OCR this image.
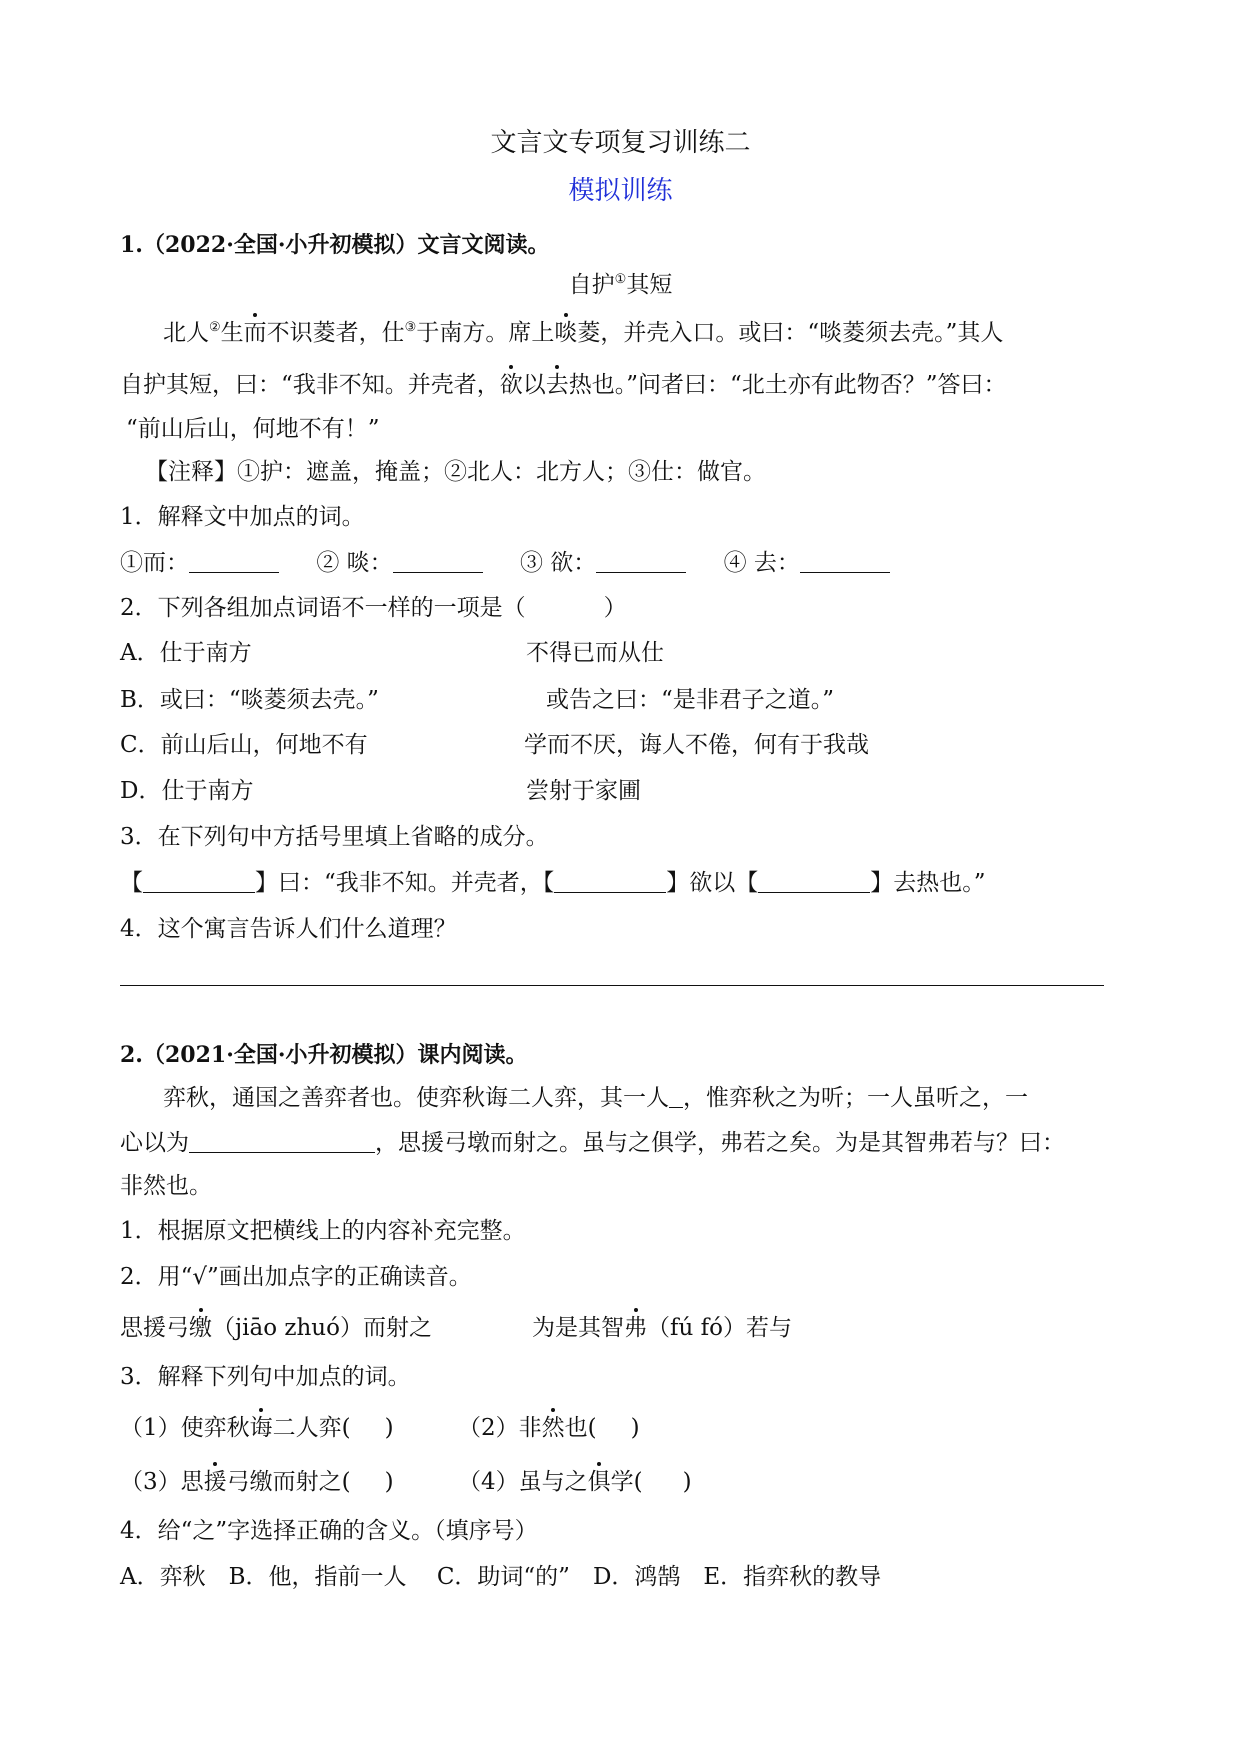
文言文专项复习训练二
模拟训练
1.（2022·全国·小升初模拟）文言文阅读。
自护①其短
北人②生而不识菱者，仕③于南方。席上啖菱，并壳入口。或曰：“啖菱须去壳。”其人
自护其短，曰：“我非不知。并壳者，欲以去热也。”问者曰：“北土亦有此物否？”答曰：
“前山后山，何地不有！”
【注释】①护：遮盖，掩盖；②北人：北方人；③仕：做官。
1．解释文中加点的词。
①而：	② 啖：	③ 欲：	④ 去：
2．下列各组加点词语不一样的一项是（	）
A．仕于南方	不得已而从仕
B．或曰：“啖菱须去壳。”	或告之曰：“是非君子之道。”
C．前山后山，何地不有	学而不厌，诲人不倦，何有于我哉
D．仕于南方	尝射于家圃
3．在下列句中方括号里填上省略的成分。
【	】曰：“我非不知。并壳者，【	】欲以【	】去热也。”
4．这个寓言告诉人们什么道理？
2.（2021·全国·小升初模拟）课内阅读。
弈秋，通国之善弈者也。使弈秋诲二人弈，其一人 ，惟弈秋之为听；一人虽听之，一
心以为	，思援弓墩而射之。虽与之俱学，弗若之矣。为是其智弗若与？曰：
非然也。
1．根据原文把横线上的内容补充完整。
2．用“√”画出加点字的正确读音。
思援弓缴（jiāo zhuó）而射之	为是其智弗（fú fó）若与
3．解释下列句中加点的词。
（1）使弈秋诲二人弈( )	（2）非然也( )
（3）思援弓缴而射之( )	（4）虽与之俱学( )
4．给“之”字选择正确的含义。（填序号）
A．弈秋　B．他，指前一人　 C．助词“的”　D．鸿鹄　E．指弈秋的教导
